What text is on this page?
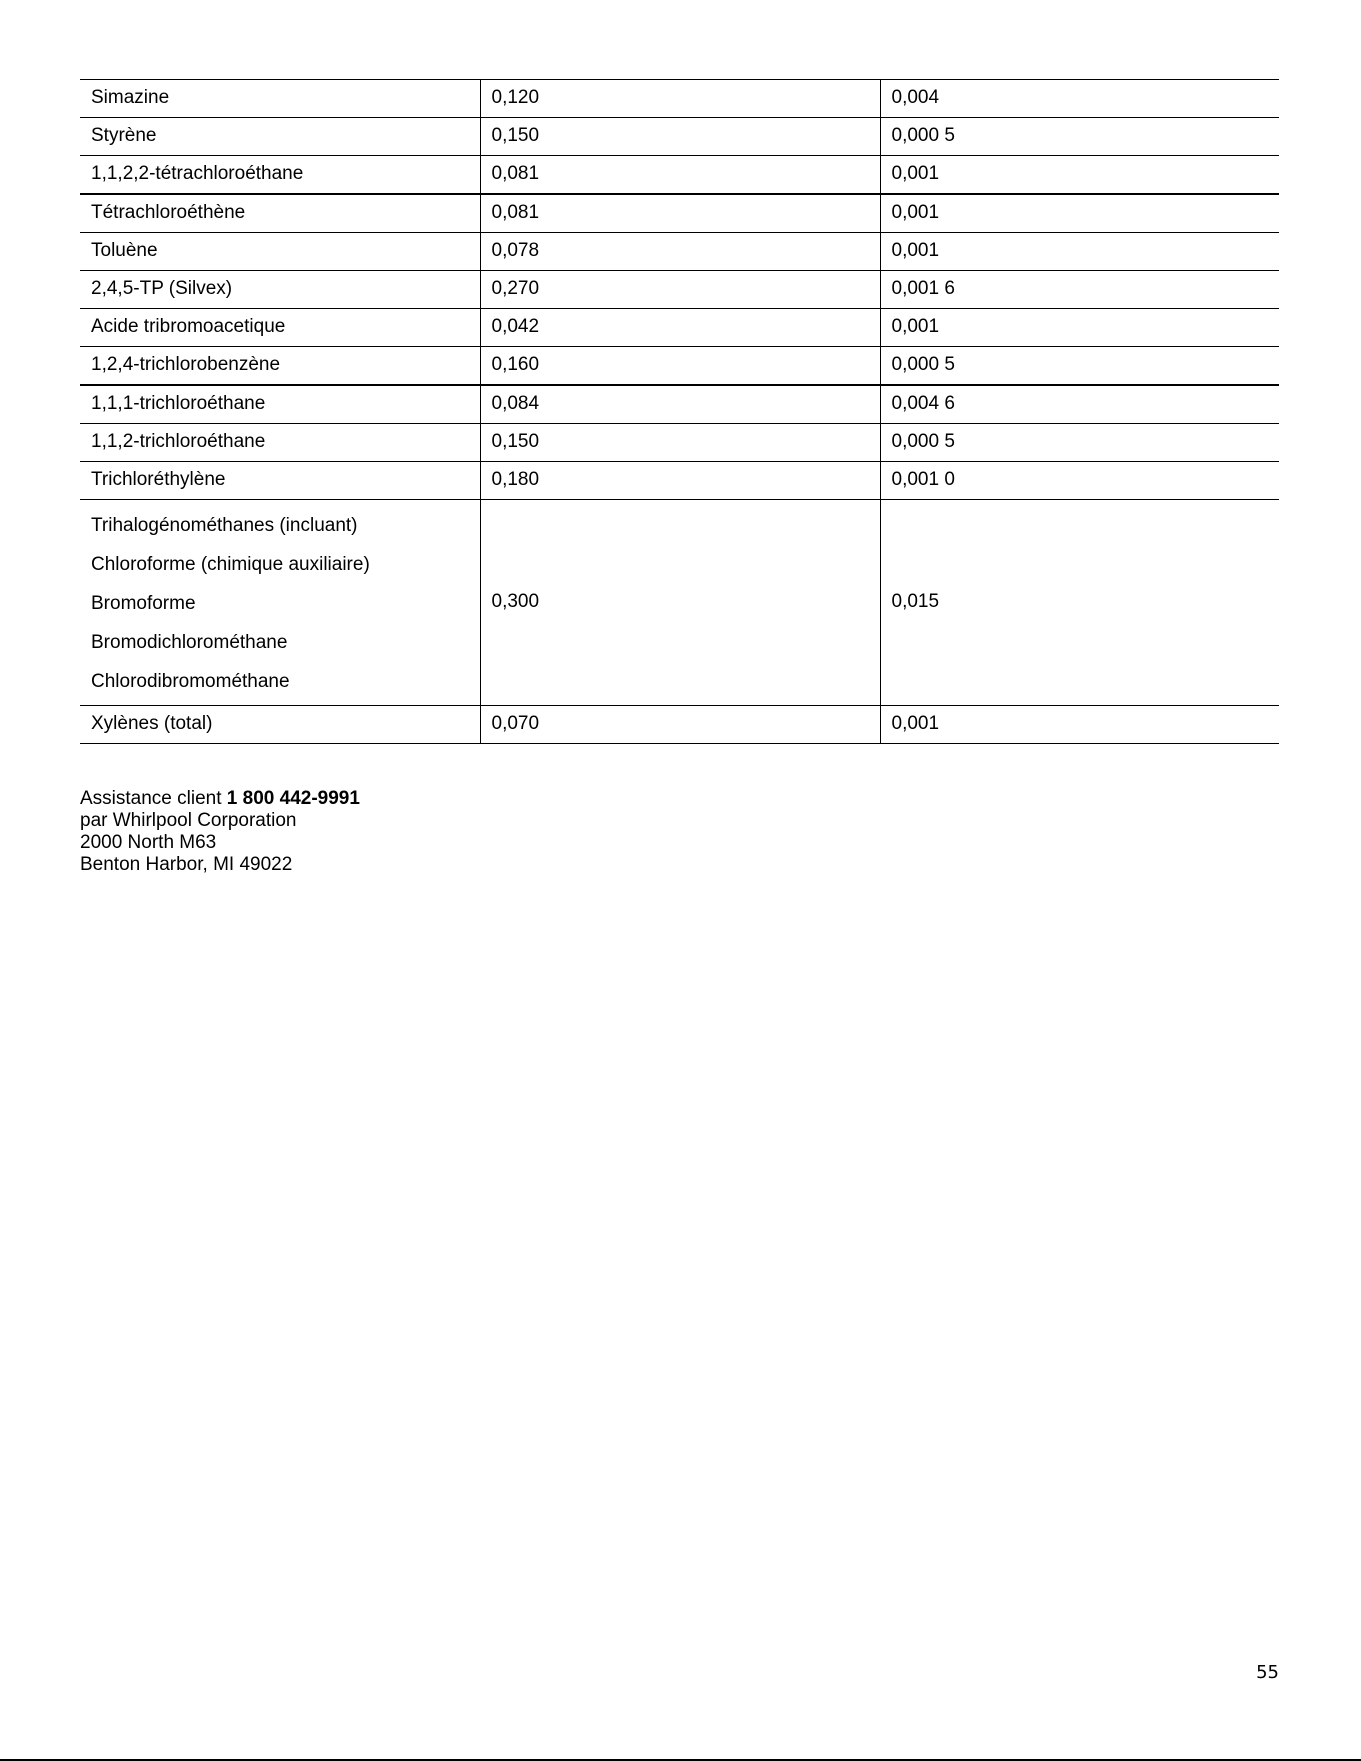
Simazine	0,120	0,004
Styrène	0,150	0,000 5
1,1,2,2-tétrachloroéthane	0,081	0,001
Tétrachloroéthène	0,081	0,001
Toluène	0,078	0,001
2,4,5-TP (Silvex)	0,270	0,001 6
Acide tribromoacetique	0,042	0,001
1,2,4-trichlorobenzène	0,160	0,000 5
1,1,1-trichloroéthane	0,084	0,004 6
1,1,2-trichloroéthane	0,150	0,000 5
Trichloréthylène	0,180	0,001 0

Trihalogénométhanes (incluant)
Chloroforme (chimique auxiliaire)
Bromoforme
Bromodichlorométhane
Chlorodibromométhane	0,300	0,015
Xylènes (total)	0,070	0,001
Assistance client 1 800 442-9991
par Whirlpool Corporation
2000 North M63
Benton Harbor, MI 49022
55
